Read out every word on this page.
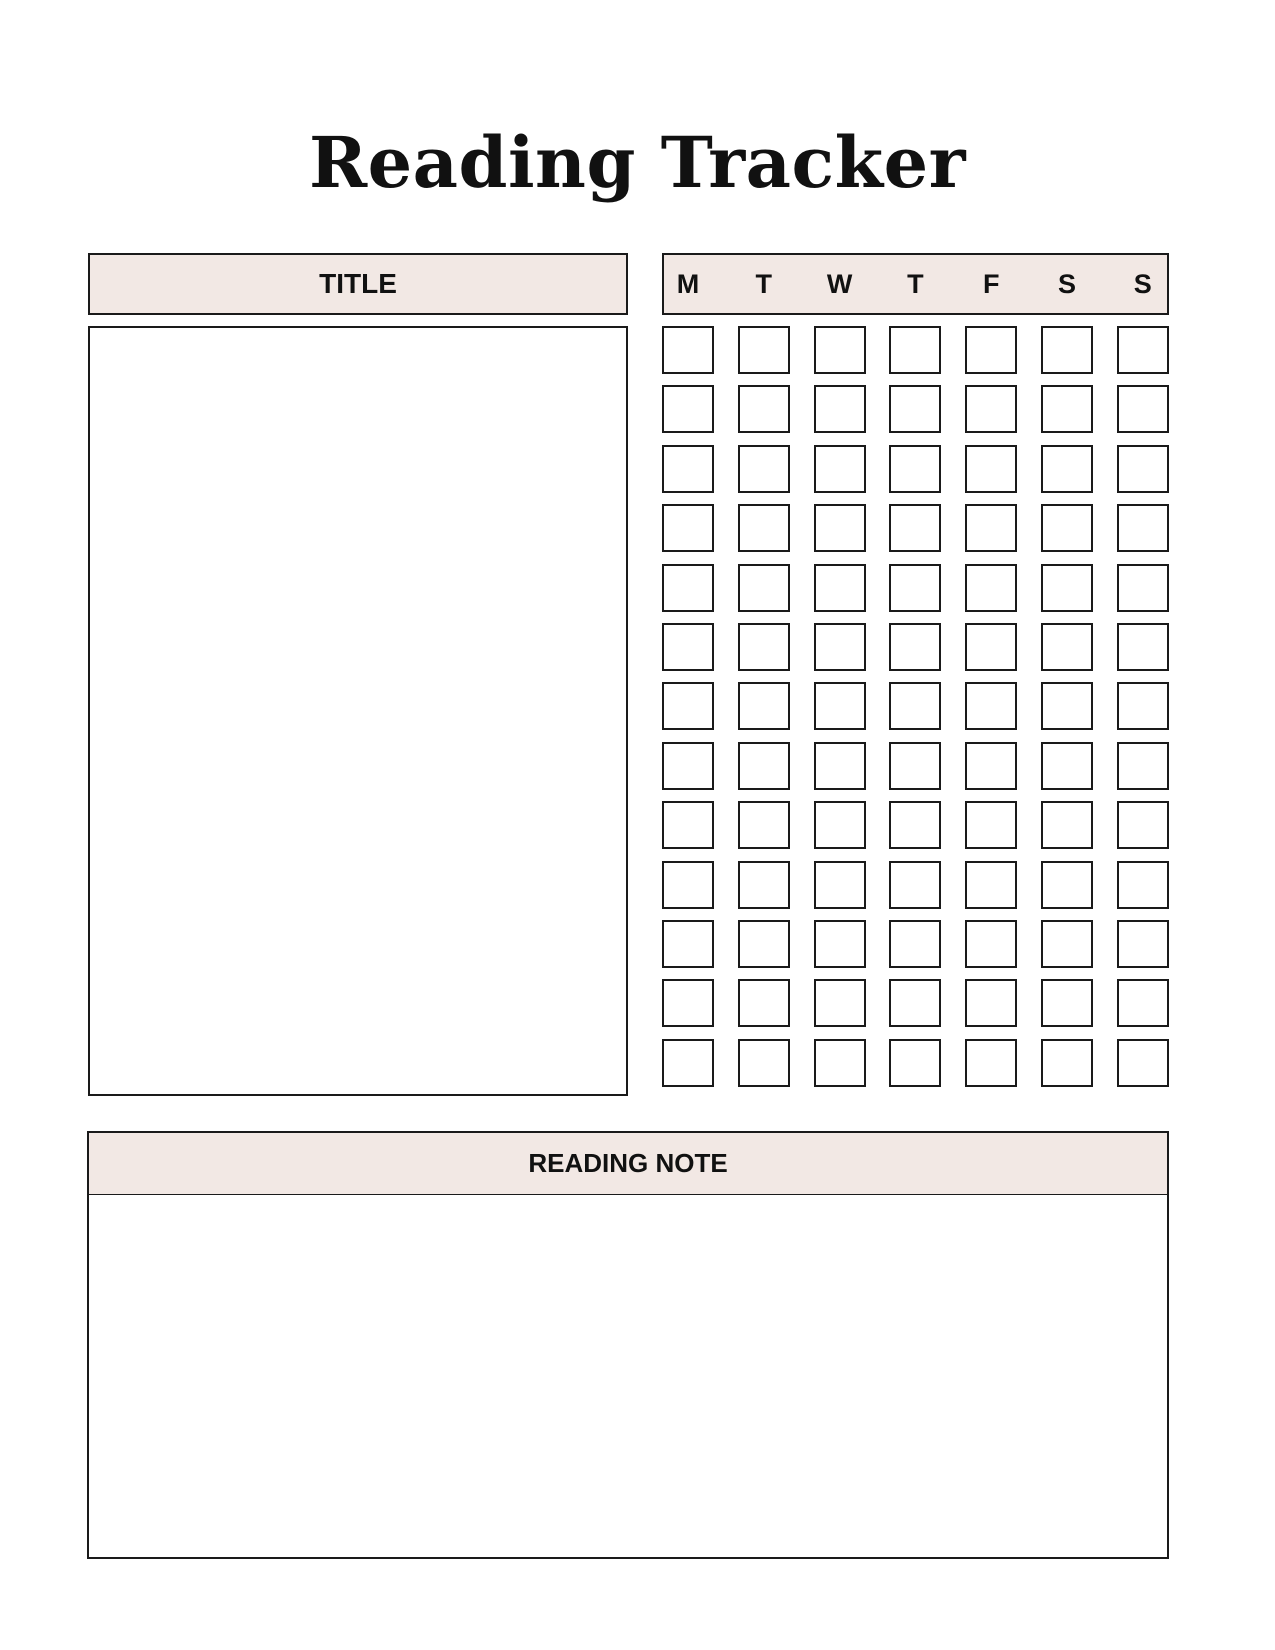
Reading Tracker
TITLE	M	T	W	T	F	S	S
READING NOTE
